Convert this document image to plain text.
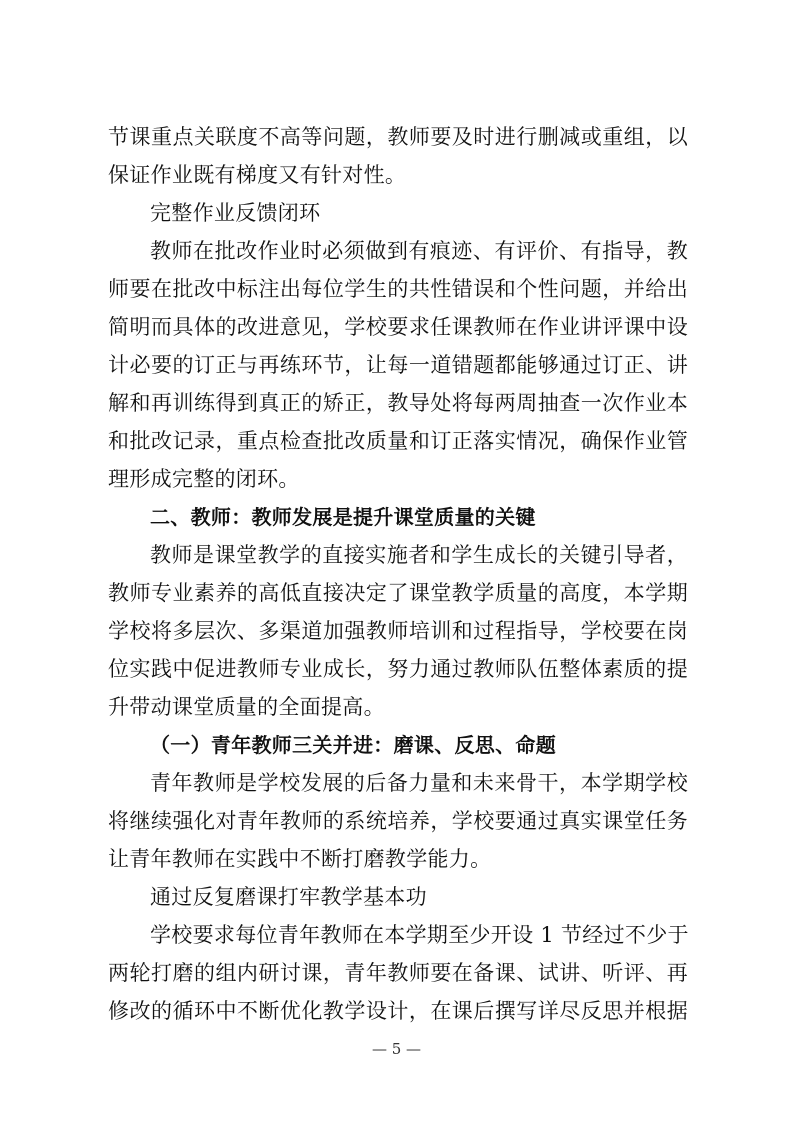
节课重点关联度不高等问题，教师要及时进行删减或重组，以
保证作业既有梯度又有针对性。
完整作业反馈闭环
教师在批改作业时必须做到有痕迹、有评价、有指导，教
师要在批改中标注出每位学生的共性错误和个性问题，并给出
简明而具体的改进意见，学校要求任课教师在作业讲评课中设
计必要的订正与再练环节，让每一道错题都能够通过订正、讲
解和再训练得到真正的矫正，教导处将每两周抽查一次作业本
和批改记录，重点检查批改质量和订正落实情况，确保作业管
理形成完整的闭环。
二、教师：教师发展是提升课堂质量的关键
教师是课堂教学的直接实施者和学生成长的关键引导者，
教师专业素养的高低直接决定了课堂教学质量的高度，本学期
学校将多层次、多渠道加强教师培训和过程指导，学校要在岗
位实践中促进教师专业成长，努力通过教师队伍整体素质的提
升带动课堂质量的全面提高。
（一）青年教师三关并进：磨课、反思、命题
青年教师是学校发展的后备力量和未来骨干，本学期学校
将继续强化对青年教师的系统培养，学校要通过真实课堂任务
让青年教师在实践中不断打磨教学能力。
通过反复磨课打牢教学基本功
学校要求每位青年教师在本学期至少开设 1 节经过不少于
两轮打磨的组内研讨课，青年教师要在备课、试讲、听评、再
修改的循环中不断优化教学设计，在课后撰写详尽反思并根据
— 5 —
